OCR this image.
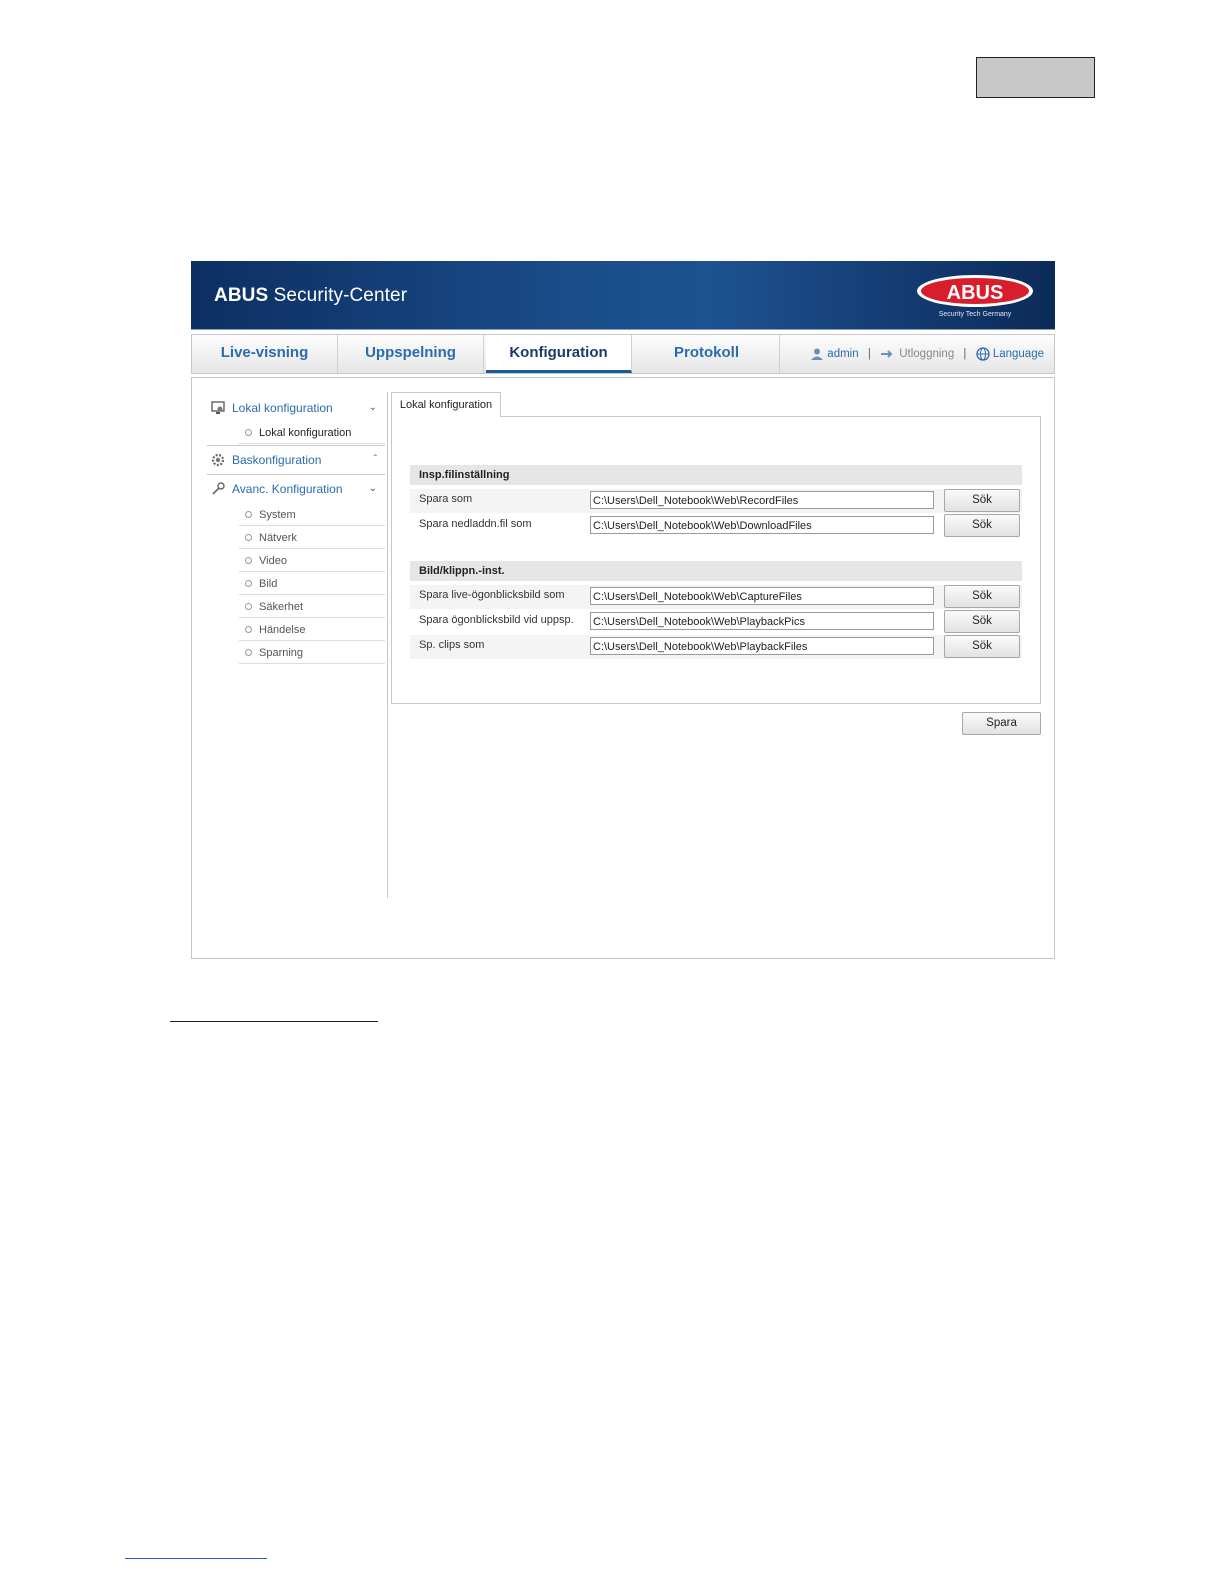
ABUS Security-Center	ABUS
Security Tech Germany
Live-visning	Uppspelning	Konfiguration	Protokoll	admin | Utloggning | Language
Lokal konfiguration	⌄
Lokal konfiguration
Baskonfiguration	ˆ
Avanc. Konfiguration	⌄
System
Nätverk
Video
Bild
Säkerhet
Händelse
Sparning
Lokal konfiguration
Insp.filinställning
Spara som	C:\Users\Dell_Notebook\Web\RecordFiles	Sök
Spara nedladdn.fil som	C:\Users\Dell_Notebook\Web\DownloadFiles	Sök
Bild/klippn.-inst.
Spara live-ögonblicksbild som	C:\Users\Dell_Notebook\Web\CaptureFiles	Sök
Spara ögonblicksbild vid uppsp. C:\Users\Dell_Notebook\Web\PlaybackPics	Sök
Sp. clips som	C:\Users\Dell_Notebook\Web\PlaybackFiles	Sök
Spara
